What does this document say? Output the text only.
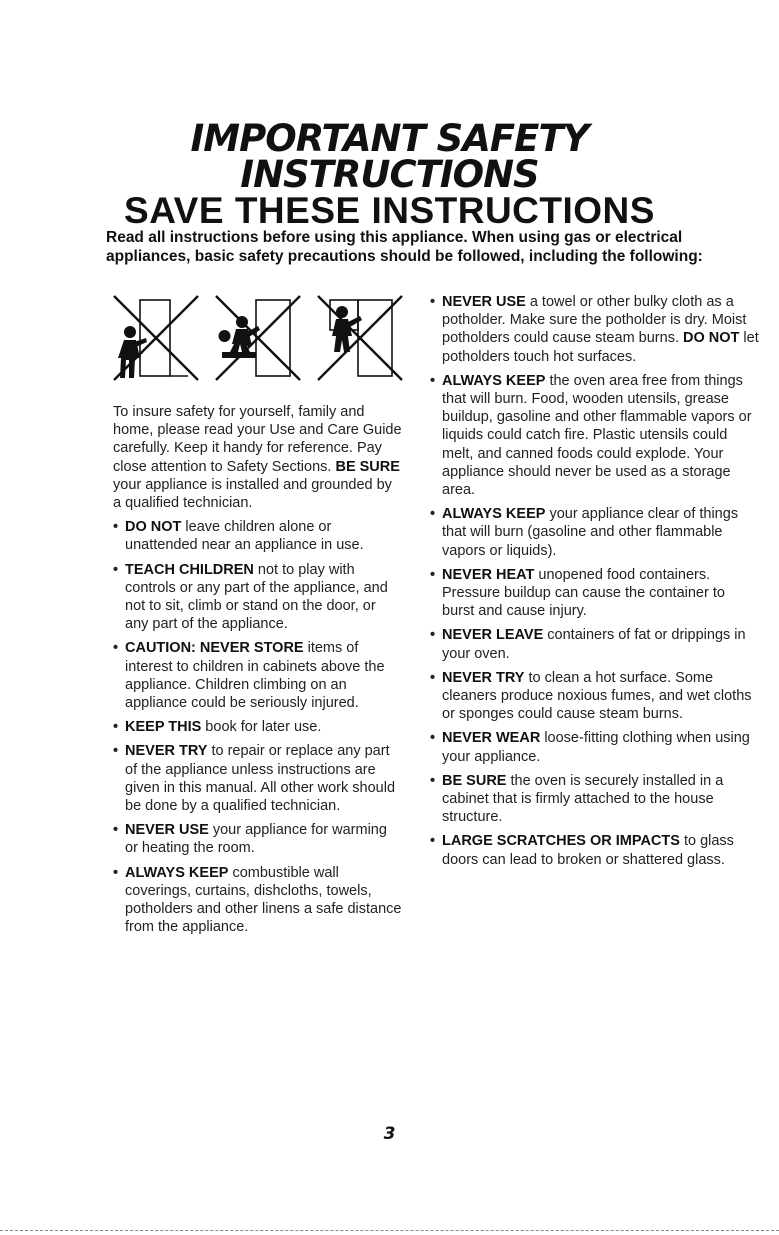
IMPORTANT SAFETY
INSTRUCTIONS
SAVE THESE INSTRUCTIONS
Read all instructions before using this appliance. When using gas or electrical appliances, basic safety precautions should be followed, including the following:

To insure safety for yourself, family and home, please read your Use and Care Guide carefully. Keep it handy for reference. Pay close attention to Safety Sections. BE SURE your appliance is installed and grounded by a qualified technician.

• DO NOT leave children alone or unattended near an appliance in use.
• TEACH CHILDREN not to play with controls or any part of the appliance, and not to sit, climb or stand on the door, or any part of the appliance.
• CAUTION: NEVER STORE items of interest to children in cabinets above the appliance. Children climbing on an appliance could be seriously injured.
• KEEP THIS book for later use.
• NEVER TRY to repair or replace any part of the appliance unless instructions are given in this manual. All other work should be done by a qualified technician.
• NEVER USE your appliance for warming or heating the room.
• ALWAYS KEEP combustible wall coverings, curtains, dishcloths, towels, potholders and other linens a safe distance from the appliance.
• NEVER USE a towel or other bulky cloth as a potholder. Make sure the potholder is dry. Moist potholders could cause steam burns. DO NOT let potholders touch hot surfaces.
• ALWAYS KEEP the oven area free from things that will burn. Food, wooden utensils, grease buildup, gasoline and other flammable vapors or liquids could catch fire. Plastic utensils could melt, and canned foods could explode. Your appliance should never be used as a storage area.
• ALWAYS KEEP your appliance clear of things that will burn (gasoline and other flammable vapors or liquids).
• NEVER HEAT unopened food containers. Pressure buildup can cause the container to burst and cause injury.
• NEVER LEAVE containers of fat or drippings in your oven.
• NEVER TRY to clean a hot surface. Some cleaners produce noxious fumes, and wet cloths or sponges could cause steam burns.
• NEVER WEAR loose-fitting clothing when using your appliance.
• BE SURE the oven is securely installed in a cabinet that is firmly attached to the house structure.
• LARGE SCRATCHES OR IMPACTS to glass doors can lead to broken or shattered glass.
3
